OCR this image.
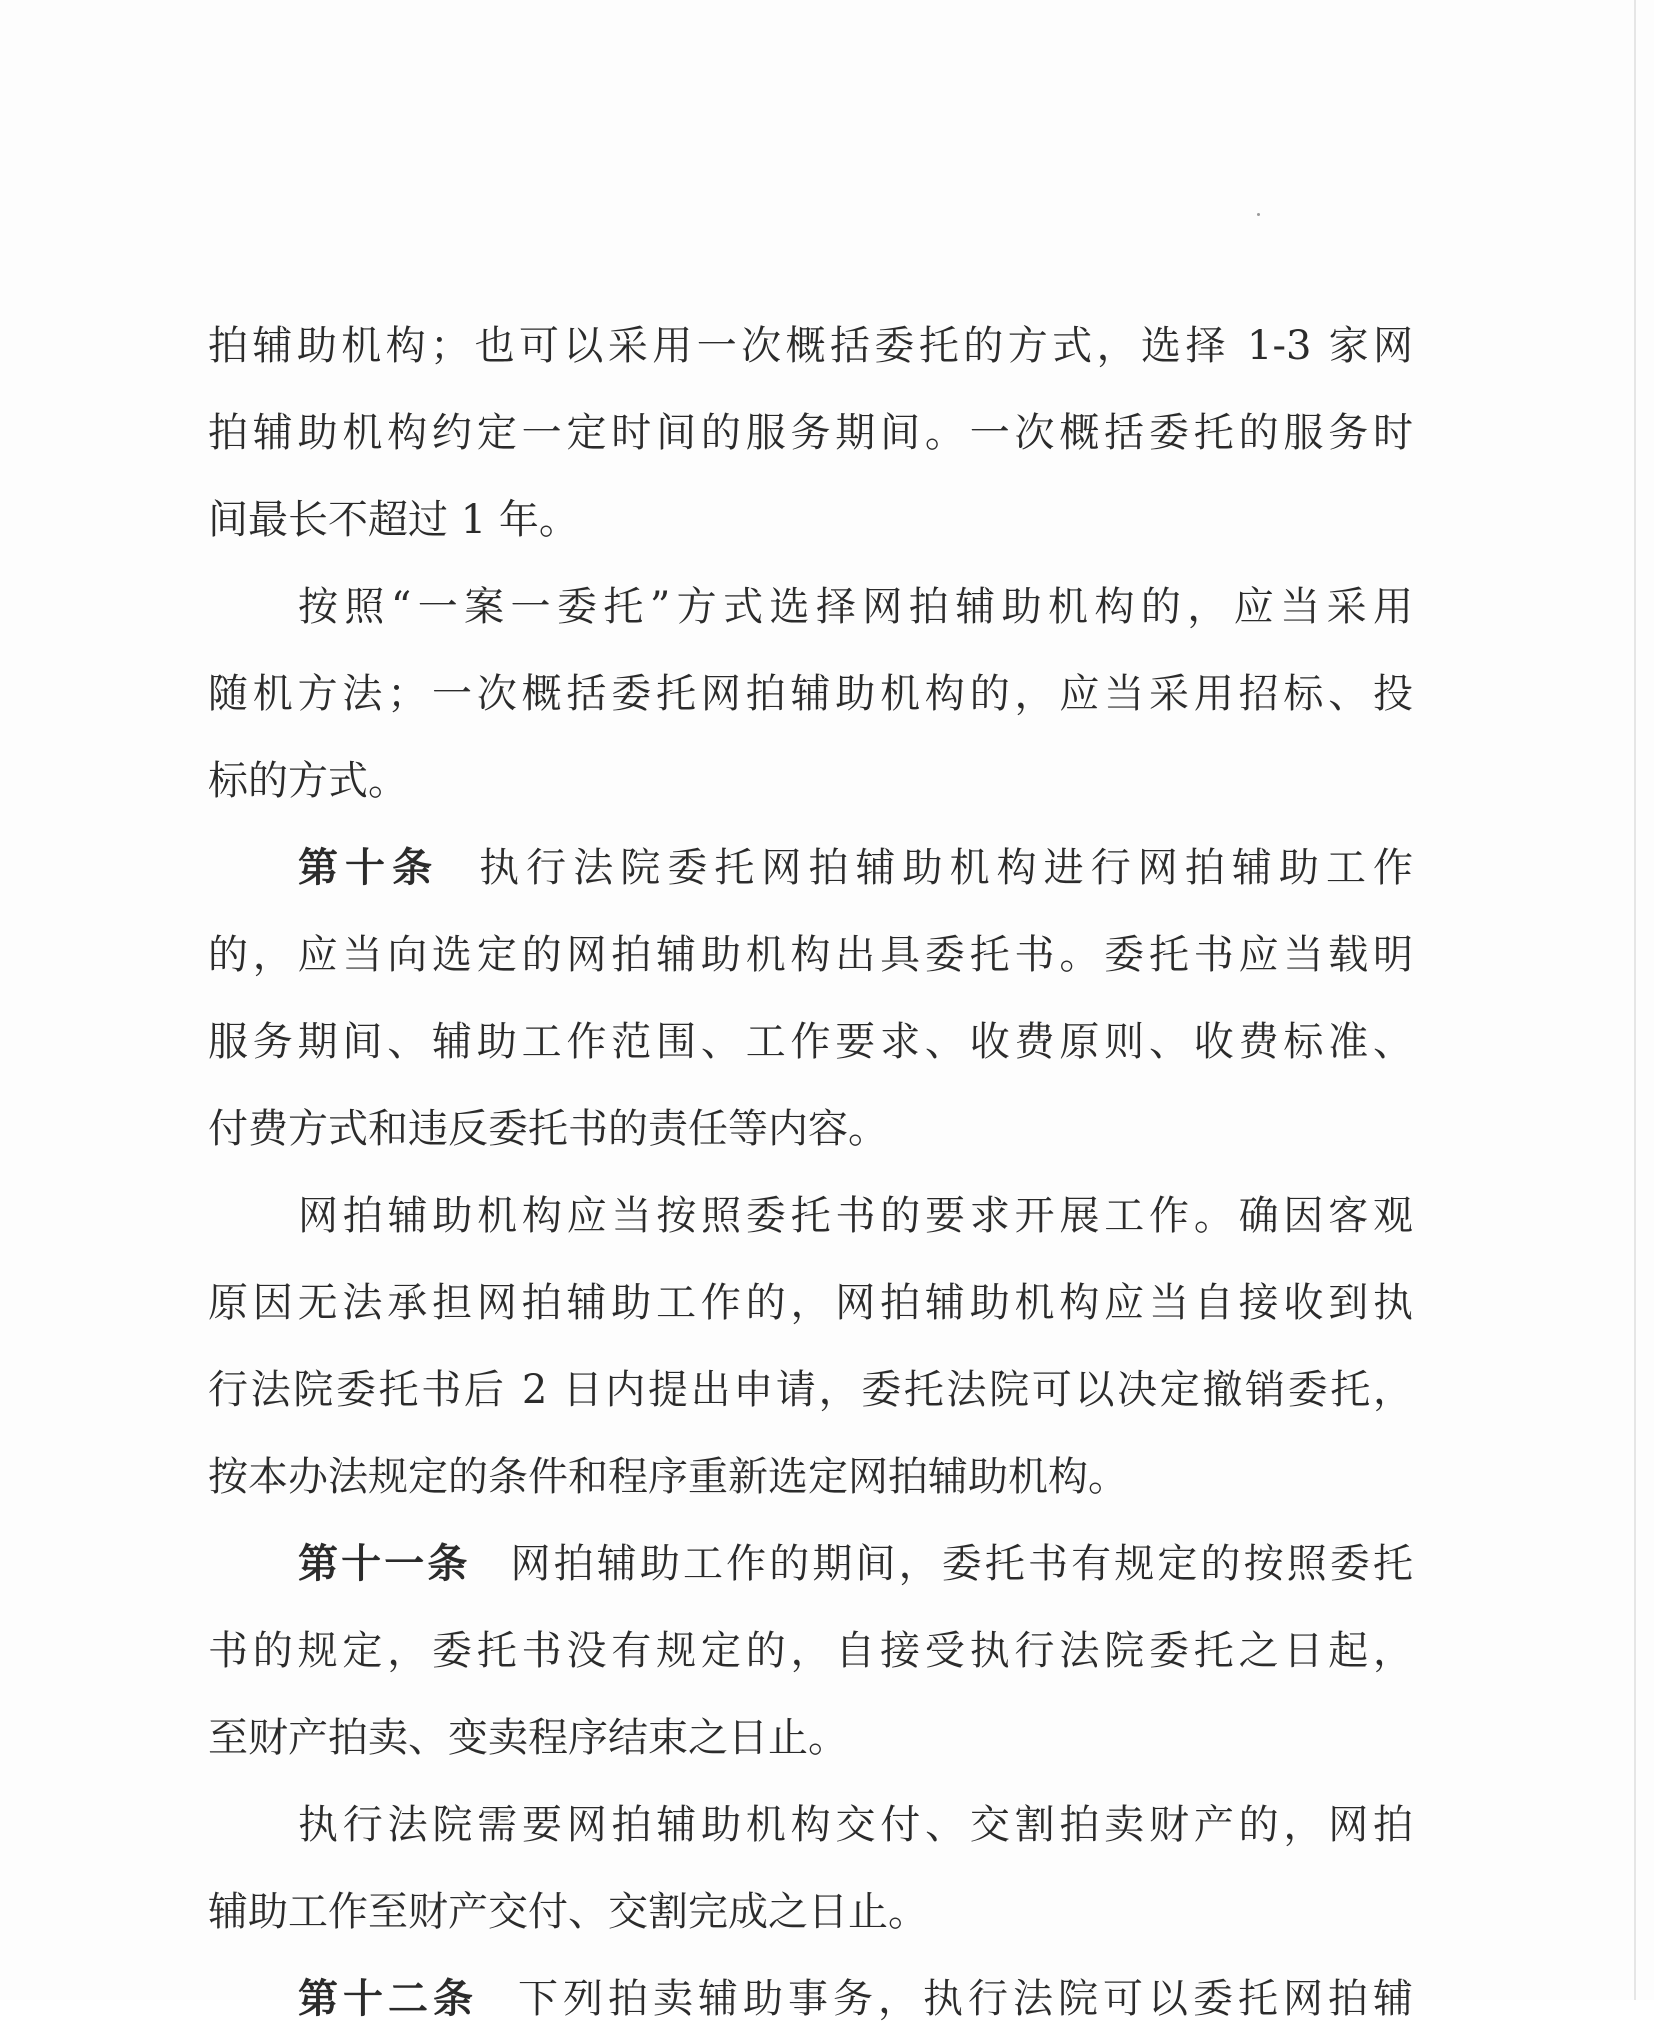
拍辅助机构；也可以采用一次概括委托的方式，选择 1-3 家网
拍辅助机构约定一定时间的服务期间。一次概括委托的服务时
间最长不超过 1 年。
按照“一案一委托”方式选择网拍辅助机构的，应当采用
随机方法；一次概括委托网拍辅助机构的，应当采用招标、投
标的方式。
第十条 执行法院委托网拍辅助机构进行网拍辅助工作
的，应当向选定的网拍辅助机构出具委托书。委托书应当载明
服务期间、辅助工作范围、工作要求、收费原则、收费标准、
付费方式和违反委托书的责任等内容。
网拍辅助机构应当按照委托书的要求开展工作。确因客观
原因无法承担网拍辅助工作的，网拍辅助机构应当自接收到执
行法院委托书后 2 日内提出申请，委托法院可以决定撤销委托，
按本办法规定的条件和程序重新选定网拍辅助机构。
第十一条 网拍辅助工作的期间，委托书有规定的按照委托
书的规定，委托书没有规定的，自接受执行法院委托之日起，
至财产拍卖、变卖程序结束之日止。
执行法院需要网拍辅助机构交付、交割拍卖财产的，网拍
辅助工作至财产交付、交割完成之日止。
第十二条 下列拍卖辅助事务，执行法院可以委托网拍辅
